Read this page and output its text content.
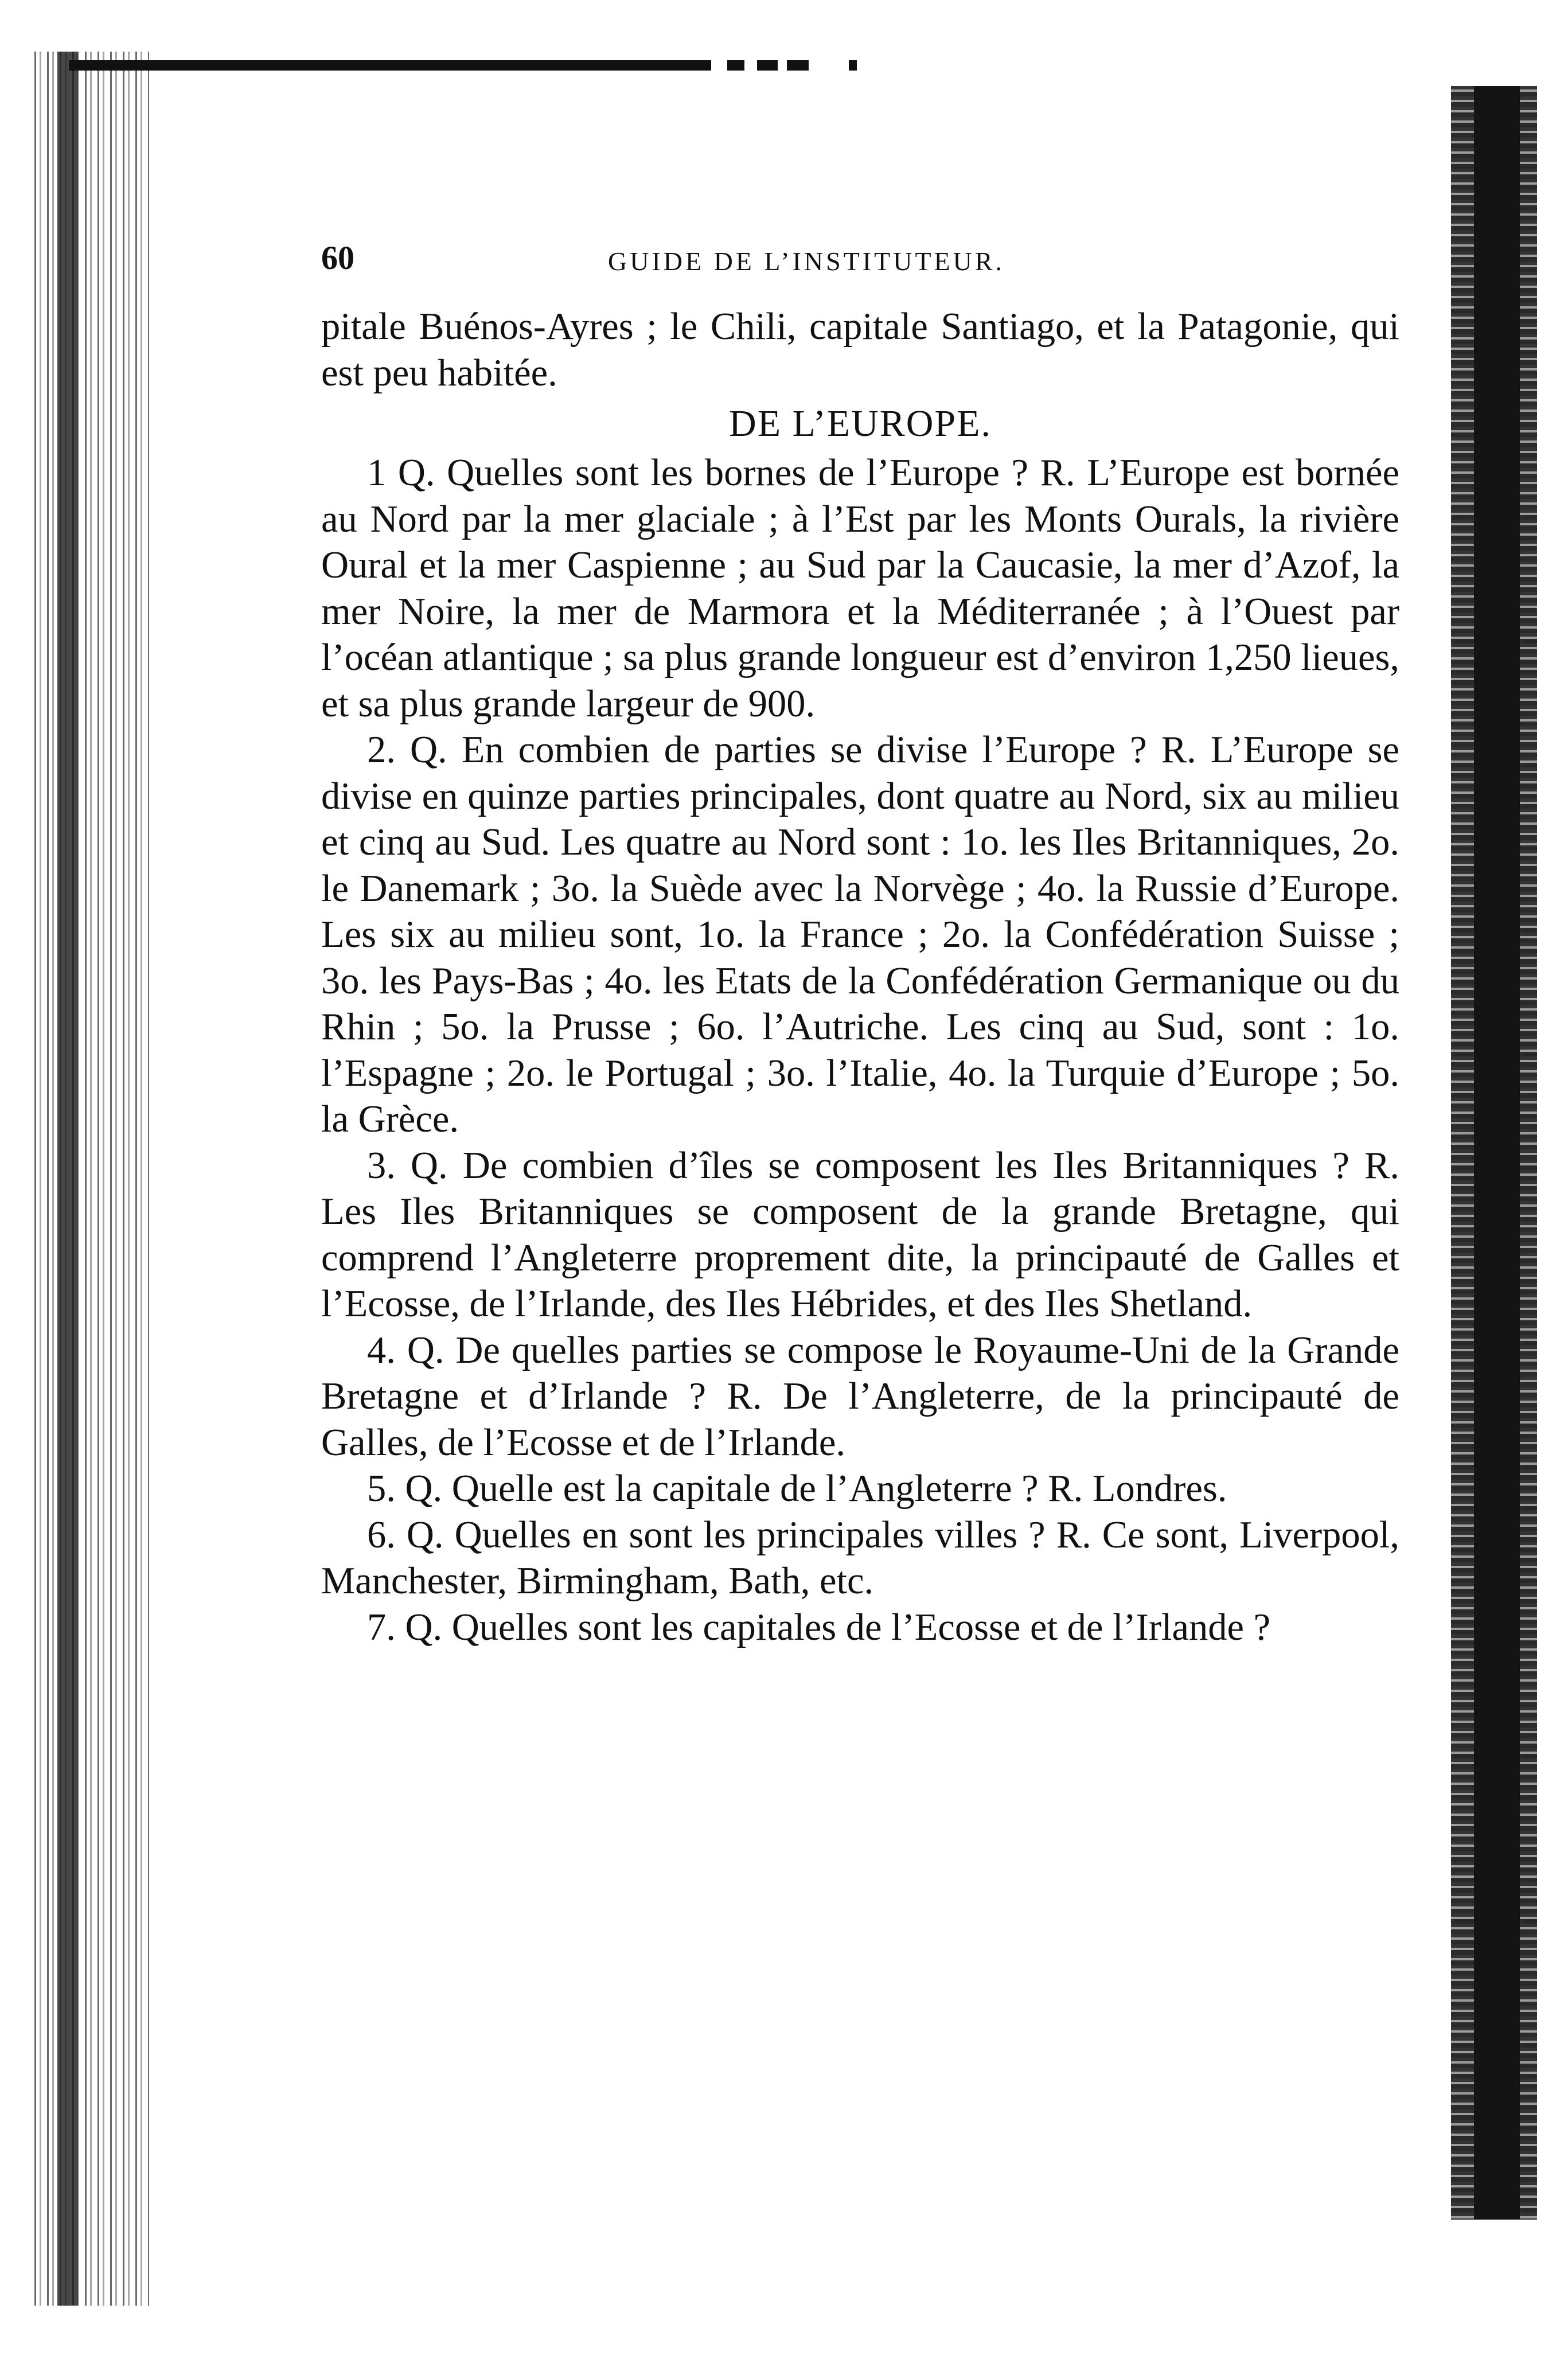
60	GUIDE DE L’INSTITUTEUR.

pitale Buénos-Ayres ; le Chili, capitale Santiago, et la Patagonie, qui est peu habitée.

DE L’EUROPE.

1 Q. Quelles sont les bornes de l’Europe ? R. L’Europe est bornée au Nord par la mer glaciale ; à l’Est par les Monts Ourals, la rivière Oural et la mer Caspienne ; au Sud par la Caucasie, la mer d’Azof, la mer Noire, la mer de Marmora et la Méditerranée ; à l’Ouest par l’océan atlantique ; sa plus grande longueur est d’environ 1,250 lieues, et sa plus grande largeur de 900.

2. Q. En combien de parties se divise l’Europe ? R. L’Europe se divise en quinze parties principales, dont quatre au Nord, six au milieu et cinq au Sud. Les quatre au Nord sont : 1o. les Iles Britanniques, 2o. le Danemark ; 3o. la Suède avec la Norvège ; 4o. la Russie d’Europe. Les six au milieu sont, 1o. la France ; 2o. la Confédération Suisse ; 3o. les Pays-Bas ; 4o. les Etats de la Confédération Germanique ou du Rhin ; 5o. la Prusse ; 6o. l’Autriche. Les cinq au Sud, sont : 1o. l’Espagne ; 2o. le Portugal ; 3o. l’Italie, 4o. la Turquie d’Europe ; 5o. la Grèce.

3. Q. De combien d’îles se composent les Iles Britanniques ? R. Les Iles Britanniques se composent de la grande Bretagne, qui comprend l’Angleterre proprement dite, la principauté de Galles et l’Ecosse, de l’Irlande, des Iles Hébrides, et des Iles Shetland.

4. Q. De quelles parties se compose le Royaume-Uni de la Grande Bretagne et d’Irlande ? R. De l’Angleterre, de la principauté de Galles, de l’Ecosse et de l’Irlande.

5. Q. Quelle est la capitale de l’Angleterre ? R. Londres.

6. Q. Quelles en sont les principales villes ? R. Ce sont, Liverpool, Manchester, Birmingham, Bath, etc.

7. Q. Quelles sont les capitales de l’Ecosse et de l’Irlande ?
